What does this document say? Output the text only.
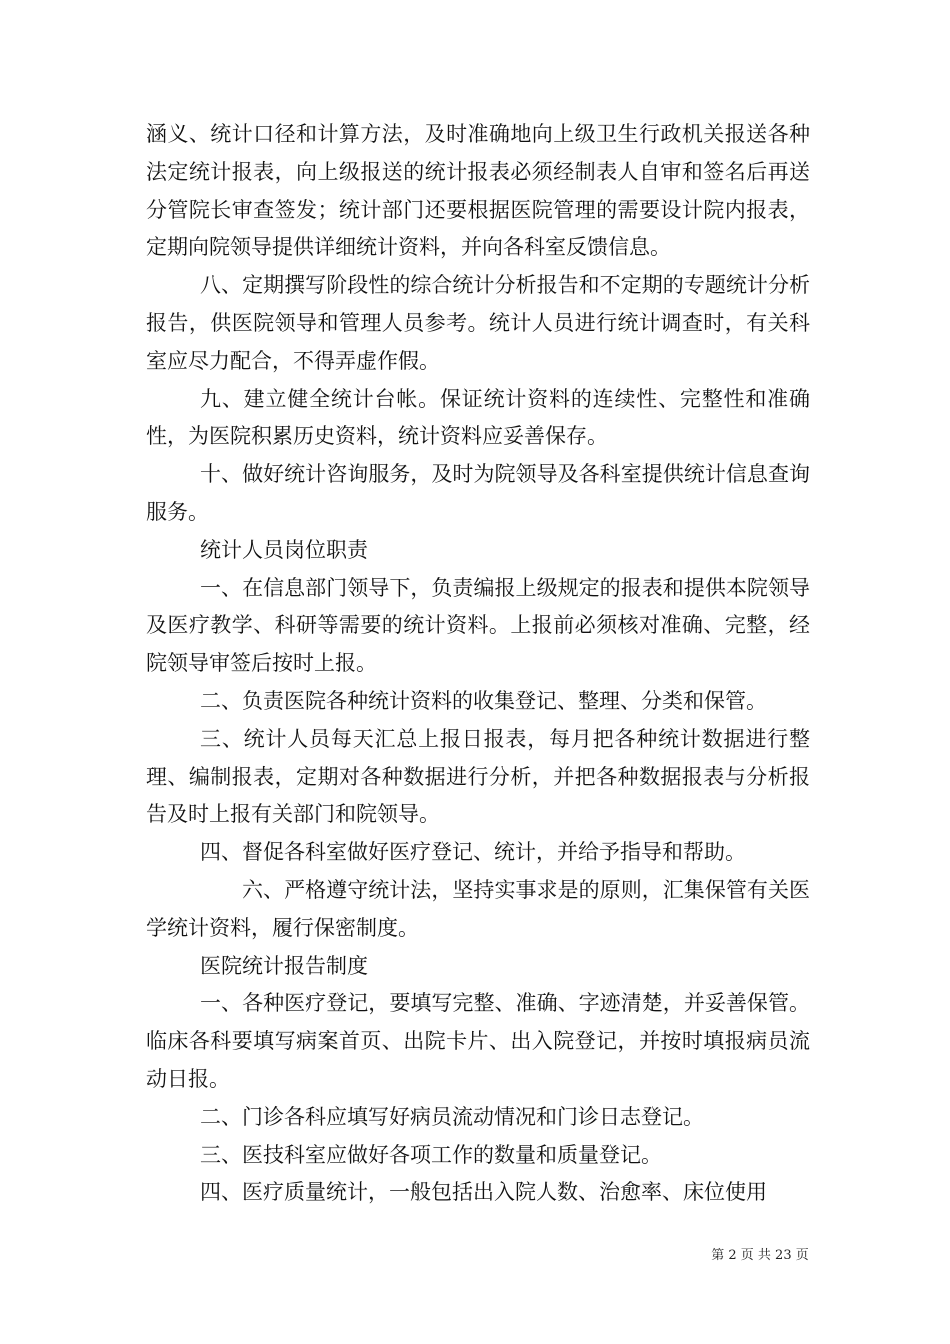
涵义、统计口径和计算方法，及时准确地向上级卫生行政机关报送各种法定统计报表，向上级报送的统计报表必须经制表人自审和签名后再送分管院长审查签发；统计部门还要根据医院管理的需要设计院内报表，定期向院领导提供详细统计资料，并向各科室反馈信息。

八、定期撰写阶段性的综合统计分析报告和不定期的专题统计分析报告，供医院领导和管理人员参考。统计人员进行统计调查时，有关科室应尽力配合，不得弄虚作假。

九、建立健全统计台帐。保证统计资料的连续性、完整性和准确性，为医院积累历史资料，统计资料应妥善保存。

十、做好统计咨询服务，及时为院领导及各科室提供统计信息查询服务。

统计人员岗位职责

一、在信息部门领导下，负责编报上级规定的报表和提供本院领导及医疗教学、科研等需要的统计资料。上报前必须核对准确、完整，经院领导审签后按时上报。

二、负责医院各种统计资料的收集登记、整理、分类和保管。

三、统计人员每天汇总上报日报表，每月把各种统计数据进行整理、编制报表，定期对各种数据进行分析，并把各种数据报表与分析报告及时上报有关部门和院领导。

四、督促各科室做好医疗登记、统计，并给予指导和帮助。

六、严格遵守统计法，坚持实事求是的原则，汇集保管有关医学统计资料，履行保密制度。

医院统计报告制度

一、各种医疗登记，要填写完整、准确、字迹清楚，并妥善保管。临床各科要填写病案首页、出院卡片、出入院登记，并按时填报病员流动日报。

二、门诊各科应填写好病员流动情况和门诊日志登记。

三、医技科室应做好各项工作的数量和质量登记。

四、医疗质量统计，一般包括出入院人数、治愈率、床位使用

第 2 页 共 23 页
